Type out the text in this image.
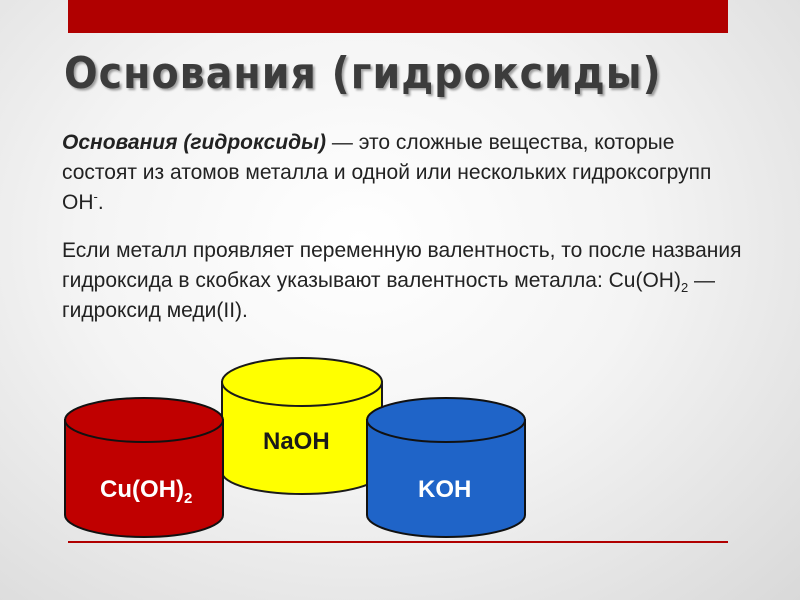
Основания (гидроксиды)

Основания (гидроксиды) — это сложные вещества, которые состоят из атомов металла и одной или нескольких гидроксогрупп ОН-.

Если металл проявляет переменную валентность, то после названия гидроксида в скобках указывают валентность металла: $Cu(OH)_2$ — гидроксид меди(II).

NaOH
$Cu(OH)_2$	KOH
